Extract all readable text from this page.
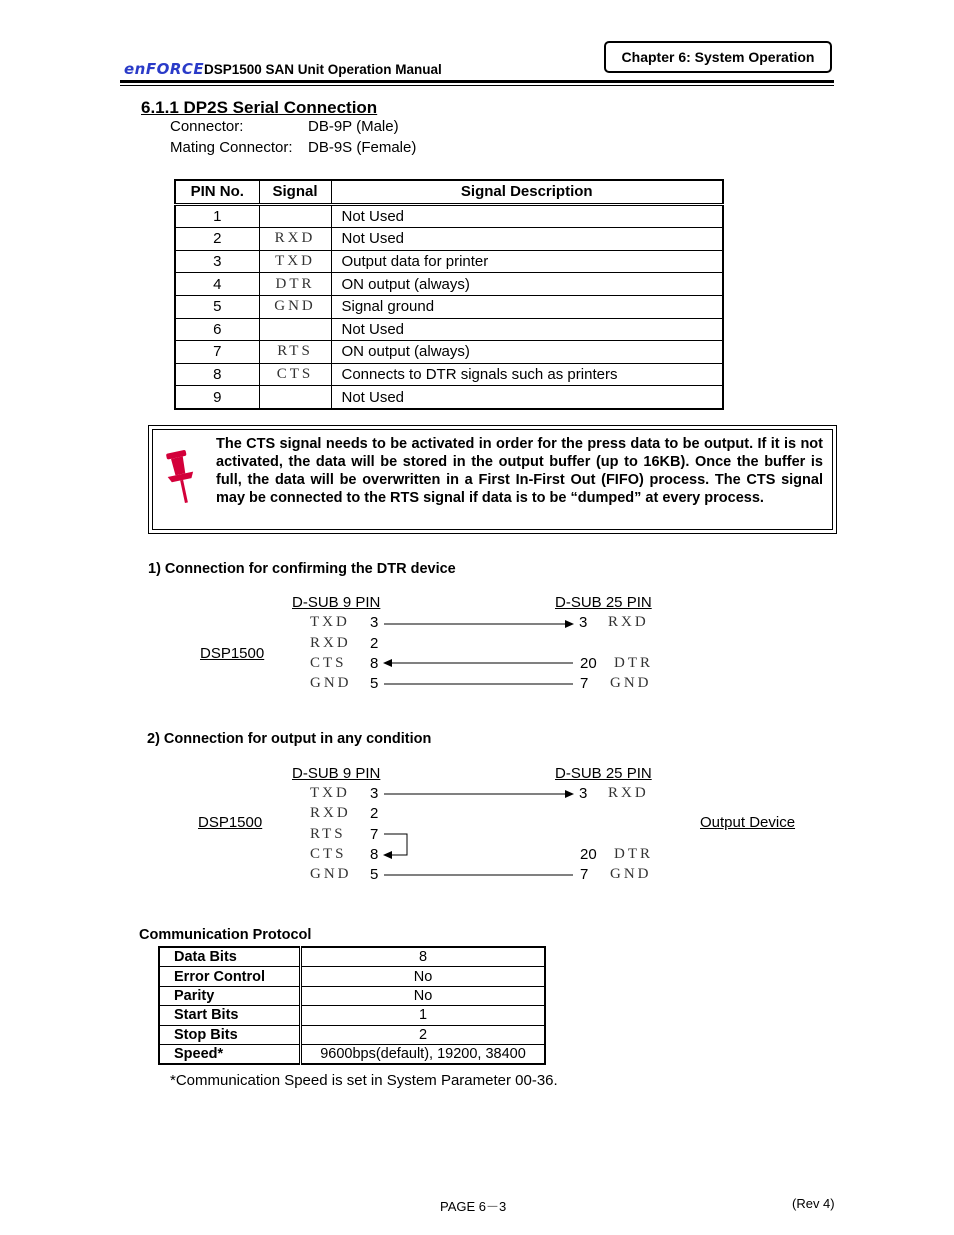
enFORCE DSP1500 SAN Unit Operation Manual
Chapter 6: System Operation
6.1.1 DP2S Serial Connection
Connector:	DB-9P (Male)
Mating Connector: DB-9S (Female)
PIN No.	Signal	Signal Description
1		Not Used
2	RXD	Not Used
3	TXD	Output data for printer
4	DTR	ON output (always)
5	GND	Signal ground
6		Not Used
7	RTS	ON output (always)
8	CTS	Connects to DTR signals such as printers
9		Not Used
The CTS signal needs to be activated in order for the press data to be output. If it is not activated, the data will be stored in the output buffer (up to 16KB). Once the buffer is full, the data will be overwritten in a First In-First Out (FIFO) process. The CTS signal may be connected to the RTS signal if data is to be “dumped” at every process.
1) Connection for confirming the DTR device
D-SUB 9 PIN	D-SUB 25 PIN
DSP1500
TXD 3
RXD 2
CTS 8
GND 5
3 RXD
20 DTR
7 GND
2) Connection for output in any condition
D-SUB 9 PIN	D-SUB 25 PIN
DSP1500	Output Device
TXD 3
RXD 2
RTS 7
CTS 8
GND 5
3 RXD
20 DTR
7 GND
Communication Protocol
Data Bits	8
Error Control	No
Parity	No
Start Bits	1
Stop Bits	2
Speed*	9600bps(default), 19200, 38400
*Communication Speed is set in System Parameter 00-36.
PAGE 6－3	(Rev 4)
